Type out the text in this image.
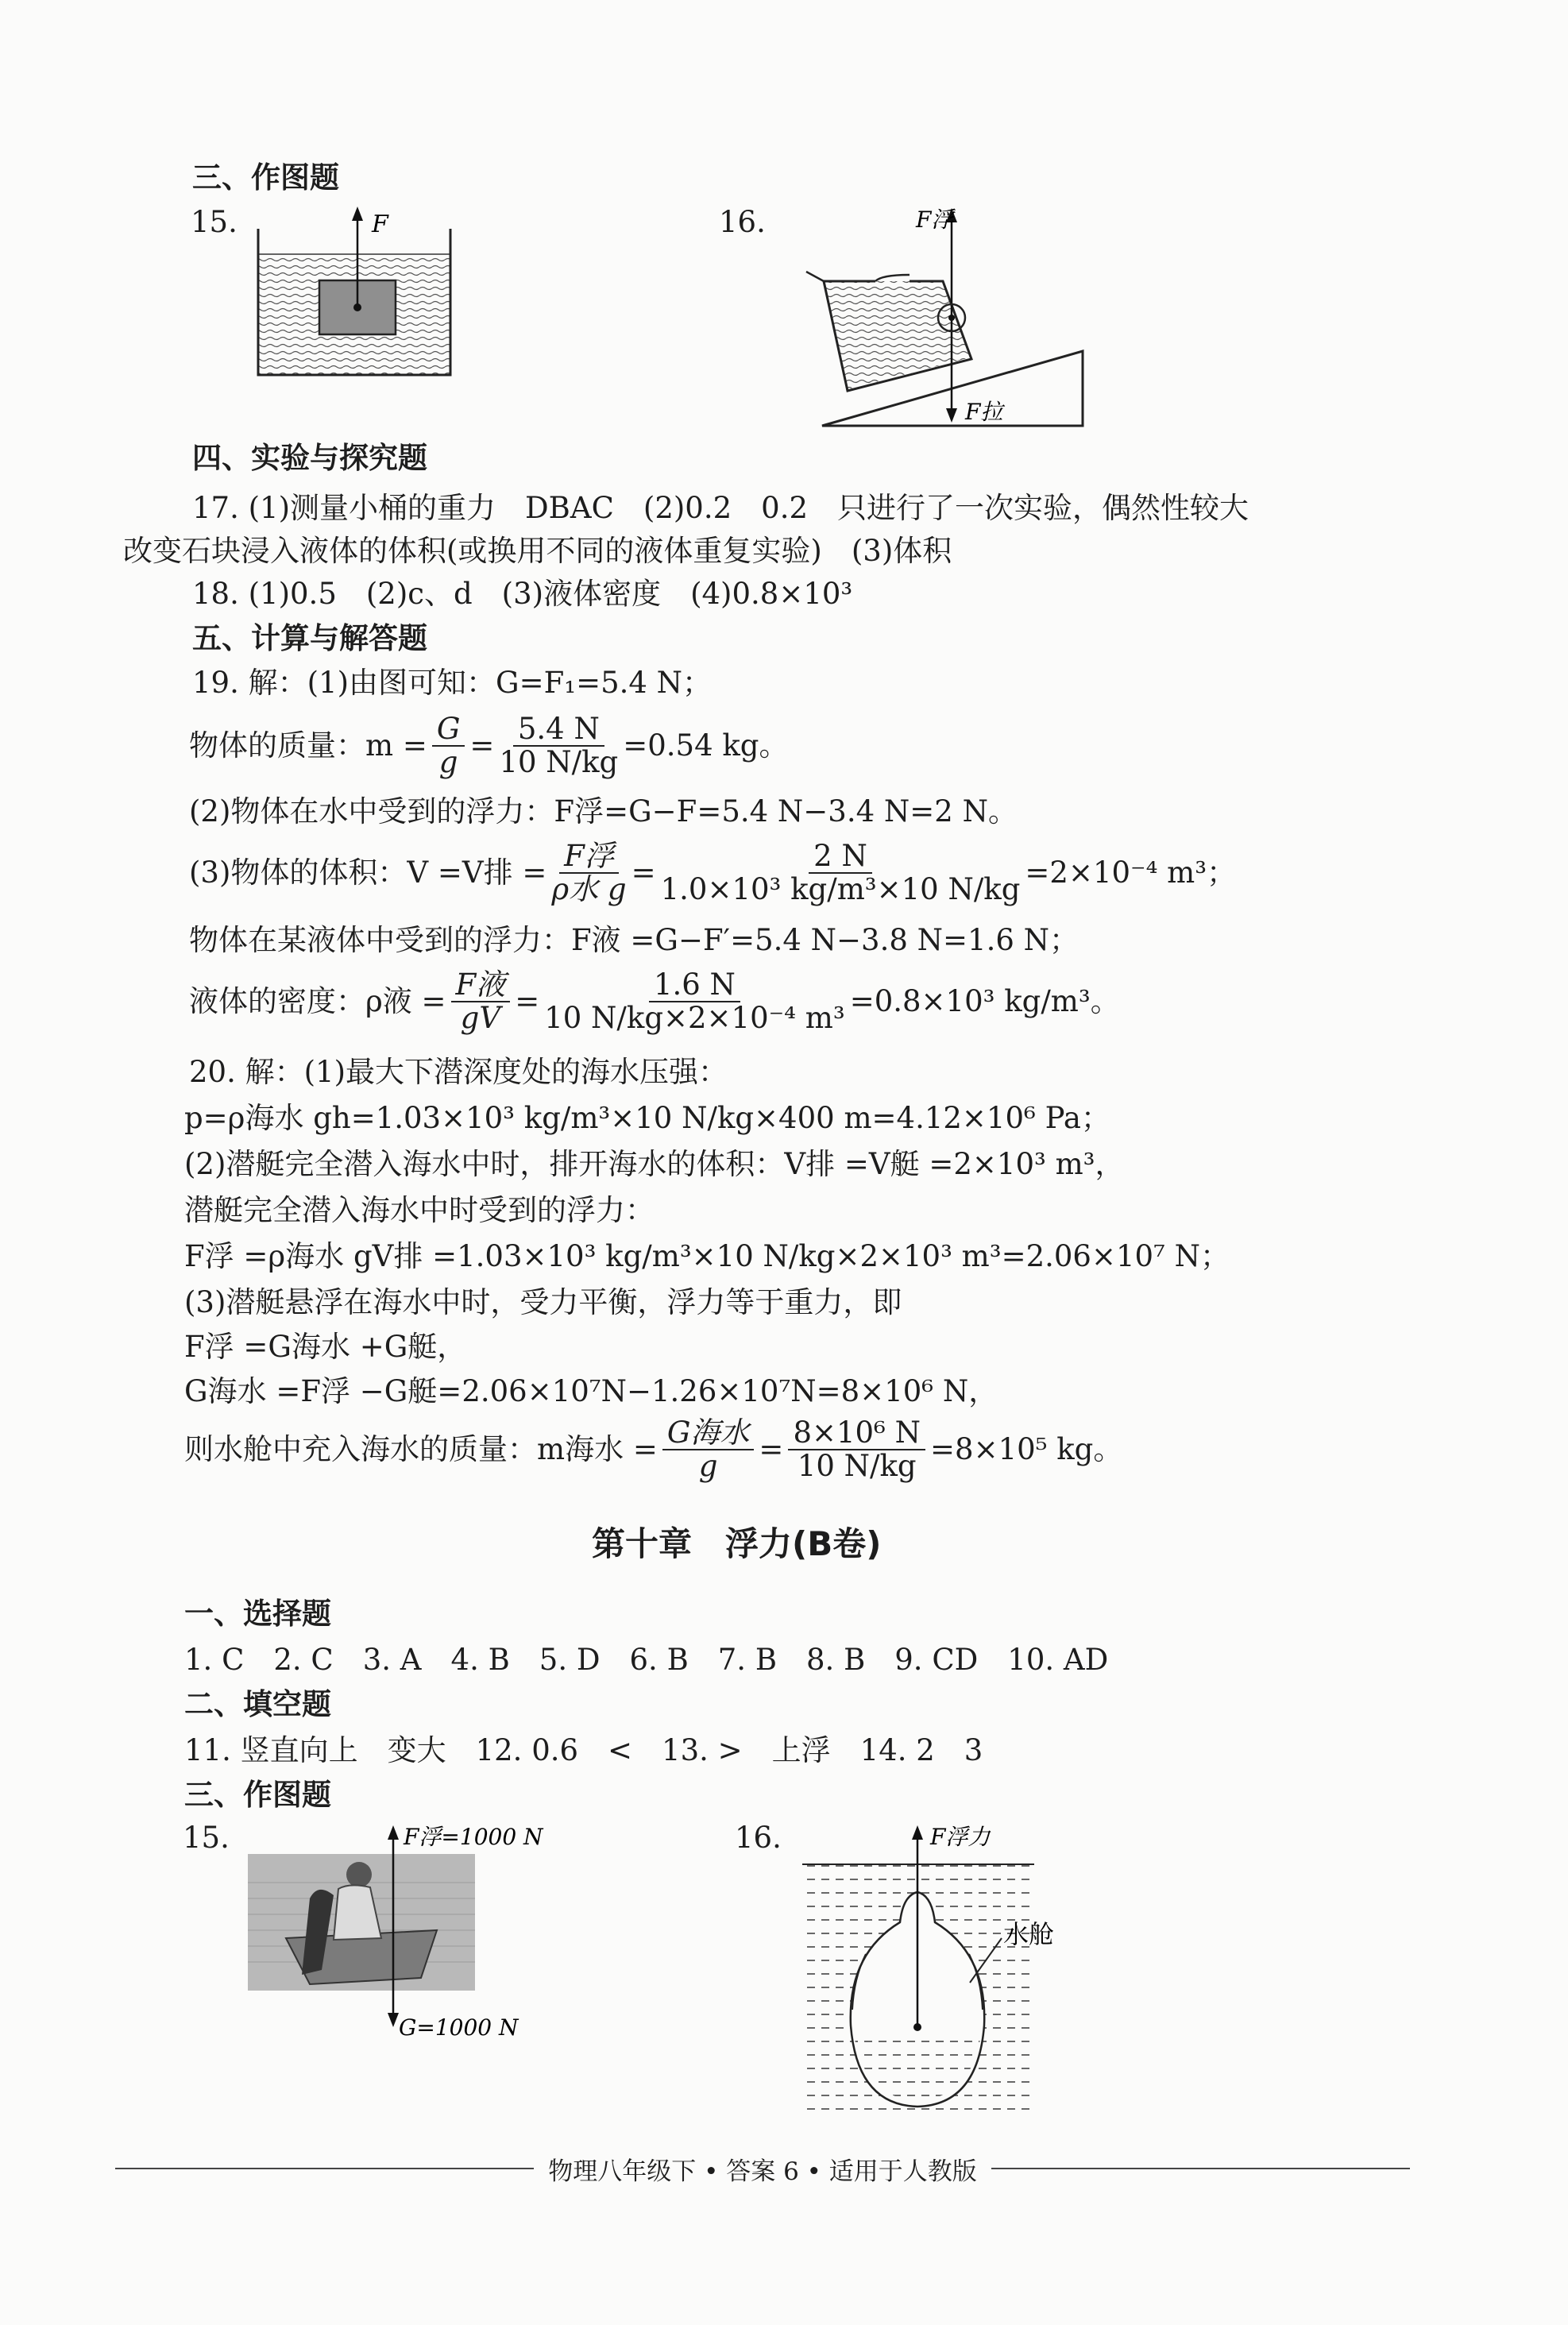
三、作图题
15.	F	16.	F浮
F拉
四、实验与探究题
17. (1)测量小桶的重力　DBAC　(2)0.2　0.2　只进行了一次实验，偶然性较大
改变石块浸入液体的体积(或换用不同的液体重复实验)　(3)体积
18. (1)0.5　(2)c、d　(3)液体密度　(4)0.8×10³
五、计算与解答题
19. 解：(1)由图可知：G=F₁=5.4 N；
物体的质量：$m = \frac{G}{g} = \frac{5.4 N}{10 N/kg} =0.54$ kg。
(2)物体在水中受到的浮力：F浮=G−F=5.4 N−3.4 N=2 N。
(3)物体的体积：V =V排 = F浮
ρ水 $g = \frac{2 N}{\text{1.0×10³ kg/m³×10 N/kg}} =2\times 10^{-4}$ m³；
物体在某液体中受到的浮力：F液 =G−F′=5.4 N−3.8 N=1.6 N；
液体的密度：ρ液 = F液
gV = $\frac{1.6 N}{\text{10 N/kg×2×10⁻⁴ m³}} =0.8\times 10^3$ kg/m³。
20. 解：(1)最大下潜深度处的海水压强：
p=ρ海水 gh=1.03×10³ kg/m³×10 N/kg×400 m=4.12×10⁶ Pa；
(2)潜艇完全潜入海水中时，排开海水的体积：V排 =V艇 =2×10³ m³，
潜艇完全潜入海水中时受到的浮力：
F浮 =ρ海水 gV排 =1.03×10³ kg/m³×10 N/kg×2×10³ m³=2.06×10⁷ N；
(3)潜艇悬浮在海水中时，受力平衡，浮力等于重力，即
F浮 =G海水 +G艇，
G海水 =F浮 −G艇=2.06×10⁷N−1.26×10⁷N=8×10⁶ N，
则水舱中充入海水的质量：m海水 = G海水
$g = \frac{\text{8×10⁶ N}}{10 N/kg} =8\times 10^5$ kg。
第十章　浮力(B卷)
一、选择题
1. C　2. C　3. A　4. B　5. D　6. B　7. B　8. B　9. CD　10. AD
二、填空题
11. 竖直向上　变大　12. 0.6　<　13. >　上浮　14. 2　3
三、作图题
15.	F浮=1000 N
G=1000 N
16.	F浮力
水舱
物理八年级下 • 答案 6 • 适用于人教版
